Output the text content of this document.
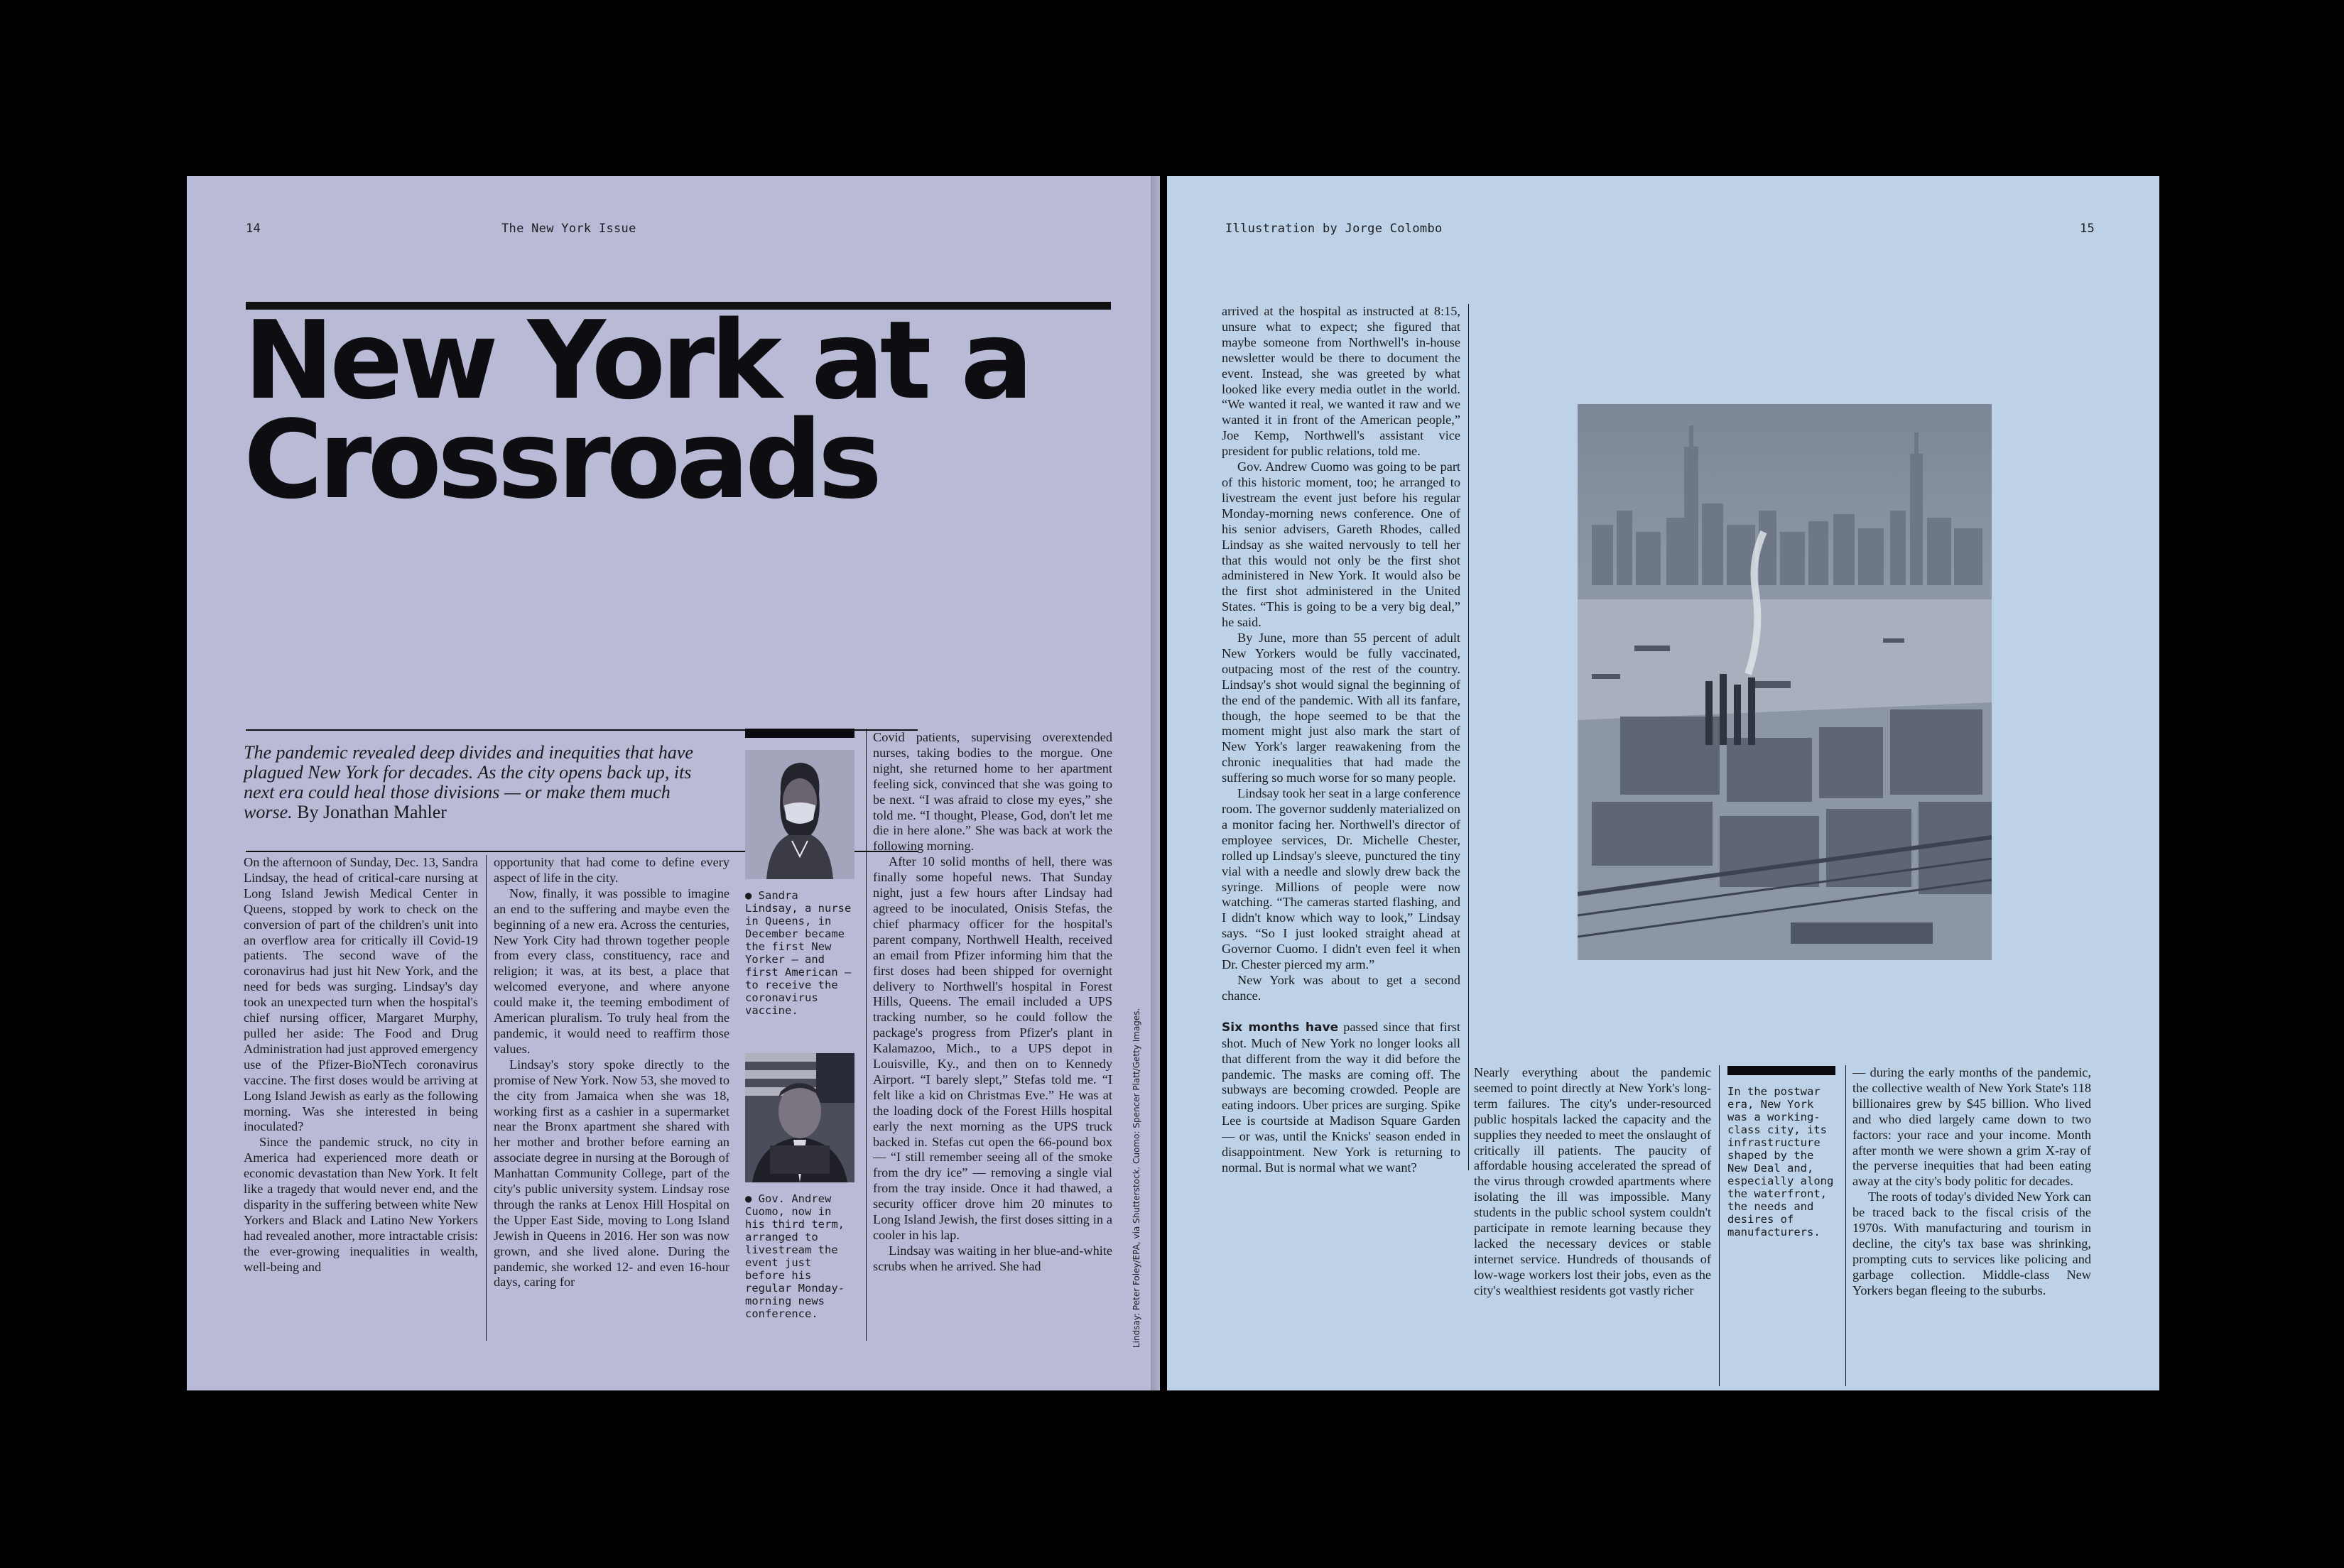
14	The New York Issue
New York at a
Crossroads

The pandemic revealed deep divides and inequities that have plagued New York for decades. As the city opens back up, its next era could heal those divisions — or make them much worse. By Jonathan Mahler

On the afternoon of Sunday, Dec. 13, Sandra Lindsay, the head of critical-care nursing at Long Island Jewish Medical Center in Queens, stopped by work to check on the conversion of part of the children's unit into an overflow area for critically ill Covid-19 patients. The second wave of the coronavirus had just hit New York, and the need for beds was surging. Lindsay's day took an unexpected turn when the hospital's chief nursing officer, Margaret Murphy, pulled her aside: The Food and Drug Administration had just approved emergency use of the Pfizer-BioNTech coronavirus vaccine. The first doses would be arriving at Long Island Jewish as early as the following morning. Was she interested in being inoculated?

Since the pandemic struck, no city in America had experienced more death or economic devastation than New York. It felt like a tragedy that would never end, and the disparity in the suffering between white New Yorkers and Black and Latino New Yorkers had revealed another, more intractable crisis: the ever-growing inequalities in wealth, well-being and

opportunity that had come to define every aspect of life in the city.

Now, finally, it was possible to imagine an end to the suffering and maybe even the beginning of a new era. Across the centuries, New York City had thrown together people from every class, constituency, race and religion; it was, at its best, a place that welcomed everyone, and where anyone could make it, the teeming embodiment of American pluralism. To truly heal from the pandemic, it would need to reaffirm those values.

Lindsay's story spoke directly to the promise of New York. Now 53, she moved to the city from Jamaica when she was 18, working first as a cashier in a supermarket near the Bronx apartment she shared with her mother and brother before earning an associate degree in nursing at the Borough of Manhattan Community College, part of the city's public university system. Lindsay rose through the ranks at Lenox Hill Hospital on the Upper East Side, moving to Long Island Jewish in Queens in 2016. Her son was now grown, and she lived alone. During the pandemic, she worked 12- and even 16-hour days, caring for

● Sandra Lindsay, a nurse in Queens, in December became the first New Yorker — and first American — to receive the coronavirus vaccine.
● Gov. Andrew Cuomo, now in his third term, arranged to livestream the event just before his regular Monday-morning news conference.

Covid patients, supervising overextended nurses, taking bodies to the morgue. One night, she returned home to her apartment feeling sick, convinced that she was going to be next. “I was afraid to close my eyes,” she told me. “I thought, Please, God, don't let me die in here alone.” She was back at work the following morning.

After 10 solid months of hell, there was finally some hopeful news. That Sunday night, just a few hours after Lindsay had agreed to be inoculated, Onisis Stefas, the chief pharmacy officer for the hospital's parent company, Northwell Health, received an email from Pfizer informing him that the first doses had been shipped for overnight delivery to Northwell's hospital in Forest Hills, Queens. The email included a UPS tracking number, so he could follow the package's progress from Pfizer's plant in Kalamazoo, Mich., to a UPS depot in Louisville, Ky., and then on to Kennedy Airport. “I barely slept,” Stefas told me. “I felt like a kid on Christmas Eve.” He was at the loading dock of the Forest Hills hospital early the next morning as the UPS truck backed in. Stefas cut open the 66-pound box — “I still remember seeing all of the smoke from the dry ice” — removing a single vial from the tray inside. Once it had thawed, a security officer drove him 20 minutes to Long Island Jewish, the first doses sitting in a cooler in his lap.

Lindsay was waiting in her blue-and-white scrubs when he arrived. She had	Lindsay: Peter Foley/EPA, via Shutterstock. Cuomo: Spencer Platt/Getty Images.
Illustration by Jorge Colombo	15

arrived at the hospital as instructed at 8:15, unsure what to expect; she figured that maybe someone from Northwell's in-house newsletter would be there to document the event. Instead, she was greeted by what looked like every media outlet in the world. “We wanted it real, we wanted it raw and we wanted it in front of the American people,” Joe Kemp, Northwell's assistant vice president for public relations, told me.

Gov. Andrew Cuomo was going to be part of this historic moment, too; he arranged to livestream the event just before his regular Monday-morning news conference. One of his senior advisers, Gareth Rhodes, called Lindsay as she waited nervously to tell her that this would not only be the first shot administered in New York. It would also be the first shot administered in the United States. “This is going to be a very big deal,” he said.

By June, more than 55 percent of adult New Yorkers would be fully vaccinated, outpacing most of the rest of the country. Lindsay's shot would signal the beginning of the end of the pandemic. With all its fanfare, though, the hope seemed to be that the moment might just also mark the start of New York's larger reawakening from the chronic inequalities that had made the suffering so much worse for so many people.

Lindsay took her seat in a large conference room. The governor suddenly materialized on a monitor facing her. Northwell's director of employee services, Dr. Michelle Chester, rolled up Lindsay's sleeve, punctured the tiny vial with a needle and slowly drew back the syringe. Millions of people were now watching. “The cameras started flashing, and I didn't know which way to look,” Lindsay says. “So I just looked straight ahead at Governor Cuomo. I didn't even feel it when Dr. Chester pierced my arm.”

New York was about to get a second chance.

Six months have passed since that first shot. Much of New York no longer looks all that different from the way it did before the pandemic. The masks are coming off. The subways are becoming crowded. People are eating indoors. Uber prices are surging. Spike Lee is courtside at Madison Square Garden — or was, until the Knicks' season ended in disappointment. New York is returning to normal. But is normal what we want?

Nearly everything about the pandemic seemed to point directly at New York's long-term failures. The city's under-resourced public hospitals lacked the capacity and the supplies they needed to meet the onslaught of critically ill patients. The paucity of affordable housing accelerated the spread of the virus through crowded apartments where isolating the ill was impossible. Many students in the public school system couldn't participate in remote learning because they lacked the necessary devices or stable internet service. Hundreds of thousands of low-wage workers lost their jobs, even as the city's wealthiest residents got vastly richer

In the postwar era, New York was a working-class city, its infrastructure shaped by the New Deal and, especially along the waterfront, the needs and desires of manufacturers.

— during the early months of the pandemic, the collective wealth of New York State's 118 billionaires grew by $45 billion. Who lived and who died largely came down to two factors: your race and your income. Month after month we were shown a grim X-ray of the perverse inequities that had been eating away at the city's body politic for decades.

The roots of today's divided New York can be traced back to the fiscal crisis of the 1970s. With manufacturing and tourism in decline, the city's tax base was shrinking, prompting cuts to services like policing and garbage collection. Middle-class New Yorkers began fleeing to the suburbs.
